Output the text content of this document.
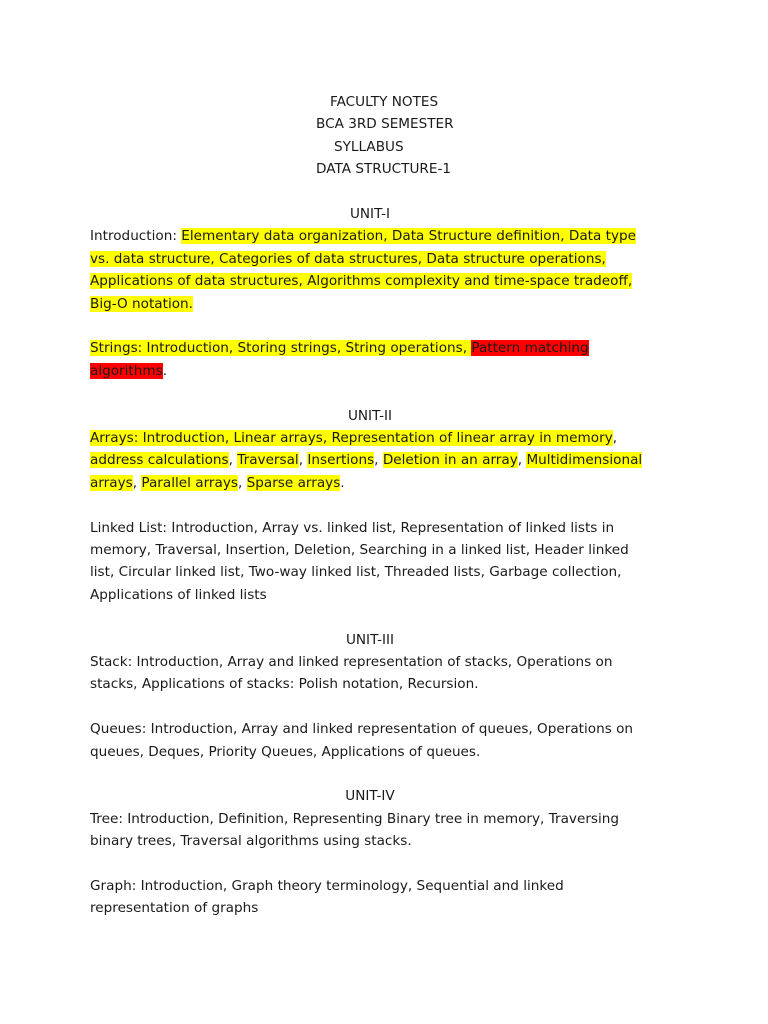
FACULTY NOTES
BCA 3RD SEMESTER
SYLLABUS
DATA STRUCTURE-1

UNIT-I

Introduction: Elementary data organization, Data Structure definition, Data type vs. data structure, Categories of data structures, Data structure operations, Applications of data structures, Algorithms complexity and time-space tradeoff, Big-O notation.

Strings: Introduction, Storing strings, String operations, Pattern matching algorithms.

UNIT-II

Arrays: Introduction, Linear arrays, Representation of linear array in memory, address calculations, Traversal, Insertions, Deletion in an array, Multidimensional arrays, Parallel arrays, Sparse arrays.

Linked List: Introduction, Array vs. linked list, Representation of linked lists in memory, Traversal, Insertion, Deletion, Searching in a linked list, Header linked list, Circular linked list, Two-way linked list, Threaded lists, Garbage collection, Applications of linked lists

UNIT-III

Stack: Introduction, Array and linked representation of stacks, Operations on stacks, Applications of stacks: Polish notation, Recursion.

Queues: Introduction, Array and linked representation of queues, Operations on queues, Deques, Priority Queues, Applications of queues.

UNIT-IV

Tree: Introduction, Definition, Representing Binary tree in memory, Traversing binary trees, Traversal algorithms using stacks.

Graph: Introduction, Graph theory terminology, Sequential and linked representation of graphs
